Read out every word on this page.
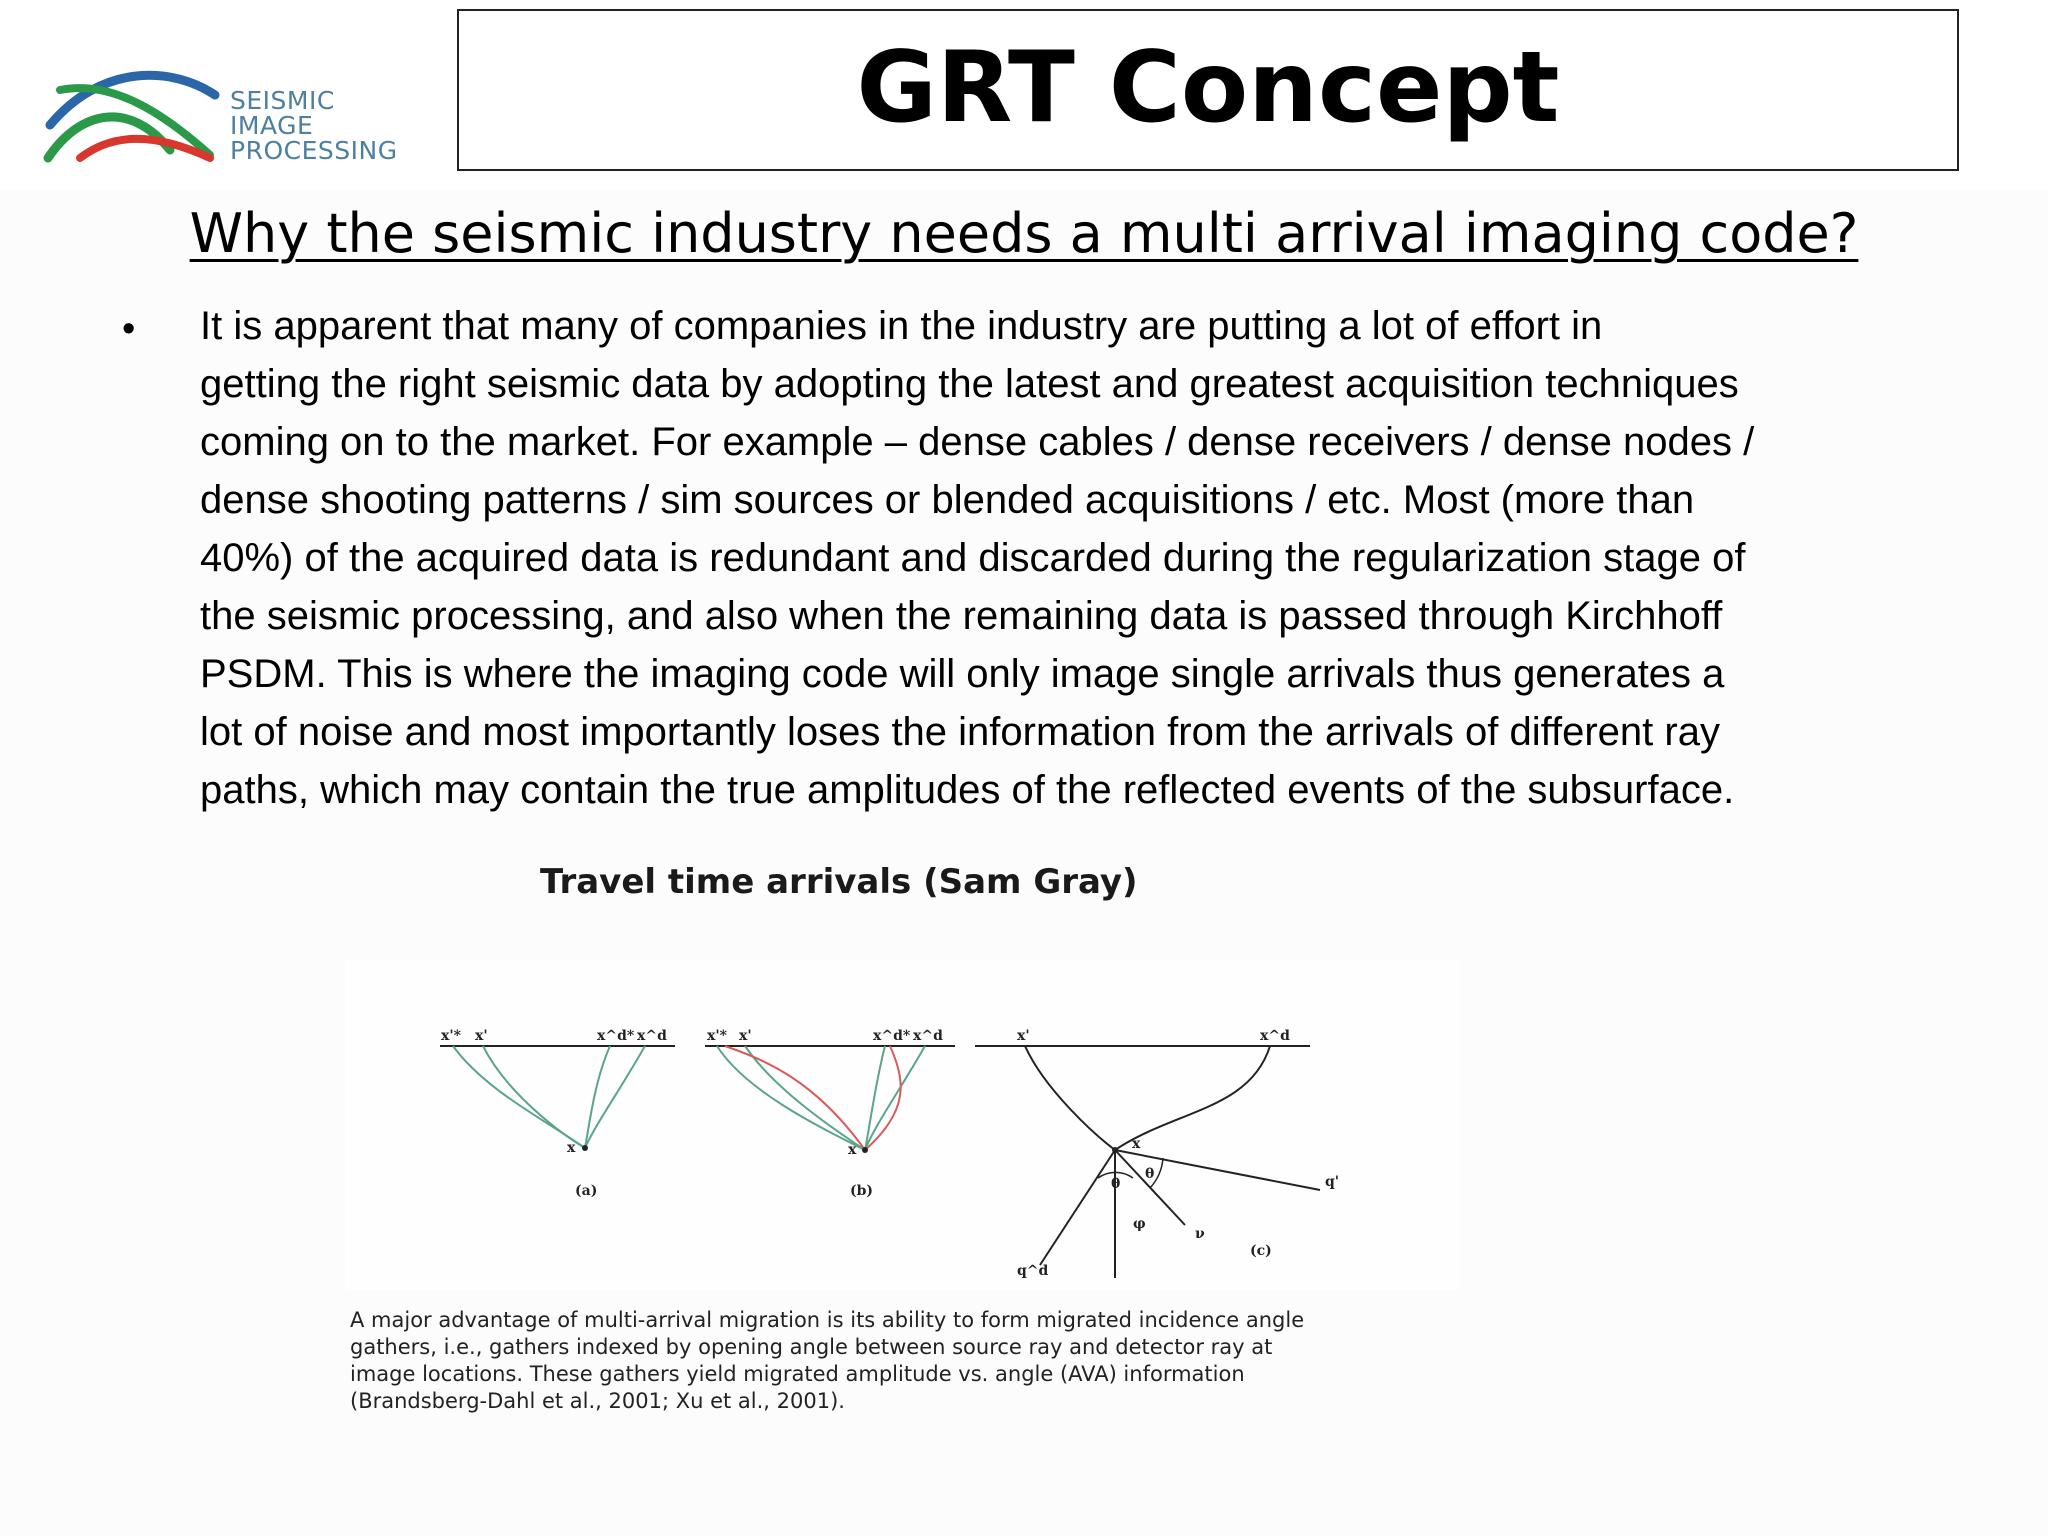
SEISMIC
IMAGE
PROCESSING
GRT Concept
Why the seismic industry needs a multi arrival imaging code?
• It is apparent that many of companies in the industry are putting a lot of effort in
getting the right seismic data by adopting the latest and greatest acquisition techniques
coming on to the market. For example – dense cables / dense receivers / dense nodes /
dense shooting patterns / sim sources or blended acquisitions / etc. Most (more than
40%) of the acquired data is redundant and discarded during the regularization stage of
the seismic processing, and also when the remaining data is passed through Kirchhoff
PSDM. This is where the imaging code will only image single arrivals thus generates a
lot of noise and most importantly loses the information from the arrivals of different ray
paths, which may contain the true amplitudes of the reflected events of the subsurface.
Travel time arrivals (Sam Gray)
x'* x'	x^d* x^d
x
(a)
x'* x'	x^d* x^d
x
(b)
x'	x^d
x
q'
q^d
ν
θ
θ
φ
(c)
A major advantage of multi-arrival migration is its ability to form migrated incidence angle
gathers, i.e., gathers indexed by opening angle between source ray and detector ray at
image locations. These gathers yield migrated amplitude vs. angle (AVA) information
(Brandsberg-Dahl et al., 2001; Xu et al., 2001).
